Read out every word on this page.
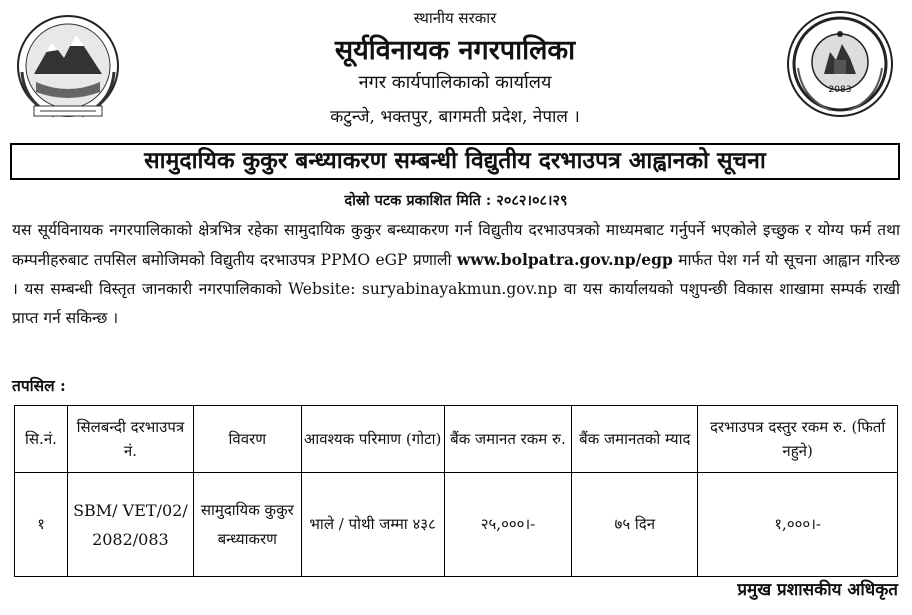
स्थानीय सरकार
सूर्यविनायक नगरपालिका
नगर कार्यपालिकाको कार्यालय
कटुन्जे, भक्तपुर, बागमती प्रदेश, नेपाल ।
2083
सामुदायिक कुकुर बन्ध्याकरण सम्बन्धी विद्युतीय दरभाउपत्र आह्वानको सूचना
दोस्रो पटक प्रकाशित मिति : २०८२।०८।२९
यस सूर्यविनायक नगरपालिकाको क्षेत्रभित्र रहेका सामुदायिक कुकुर बन्ध्याकरण गर्न विद्युतीय दरभाउपत्रको माध्यमबाट गर्नुपर्ने भएकोले इच्छुक र योग्य फर्म तथा कम्पनीहरुबाट तपसिल बमोजिमको विद्युतीय दरभाउपत्र PPMO eGP प्रणाली www.bolpatra.gov.np/egp मार्फत पेश गर्न यो सूचना आह्वान गरिन्छ । यस सम्बन्धी विस्तृत जानकारी नगरपालिकाको Website: suryabinayakmun.gov.np वा यस कार्यालयको पशुपन्छी विकास शाखामा सम्पर्क राखी प्राप्त गर्न सकिन्छ ।
तपसिल :
सि.नं.	सिलबन्दी दरभाउपत्र नं.	विवरण	आवश्यक परिमाण (गोटा)	बैंक जमानत रकम रु.	बैंक जमानतको म्याद	दरभाउपत्र दस्तुर रकम रु. (फिर्ता नहुने)
१	SBM/ VET/02/ 2082/083	सामुदायिक कुकुर बन्ध्याकरण	भाले / पोथी जम्मा ४३८	२५,०००।-	७५ दिन	१,०००।-
प्रमुख प्रशासकीय अधिकृत
